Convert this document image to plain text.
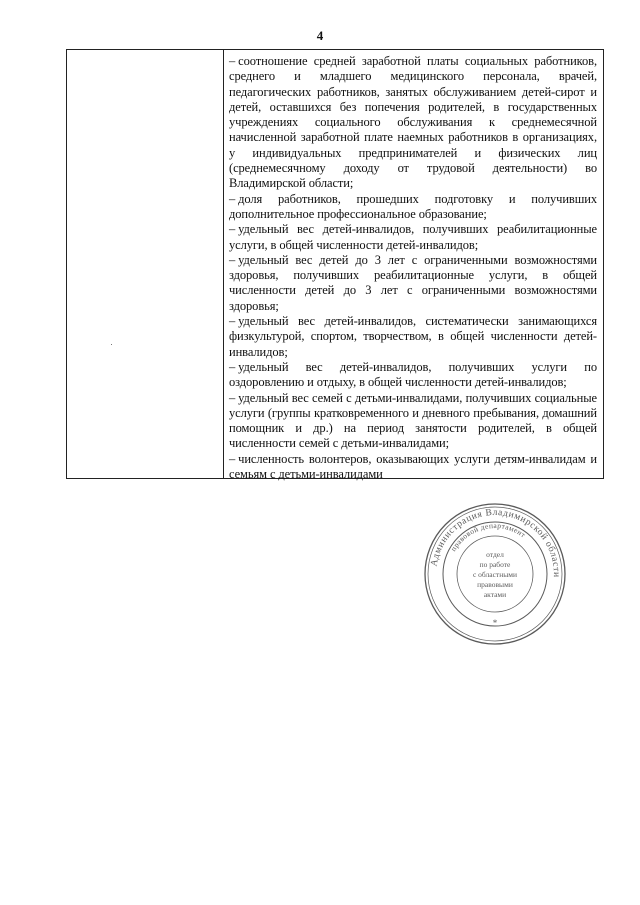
4

– соотношение средней заработной платы социальных работников, среднего и младшего медицинского персонала, врачей, педагогических работников, занятых обслуживанием детей-сирот и детей, оставшихся без попечения родителей, в государственных учреждениях социального обслуживания к среднемесячной начисленной заработной плате наемных работников в организациях, у индивидуальных предпринимателей и физических лиц (среднемесячному доходу от трудовой деятельности) во Владимирской области;

– доля работников, прошедших подготовку и получивших дополнительное профессиональное образование;

– удельный вес детей-инвалидов, получивших реабилитационные услуги, в общей численности детей-инвалидов;

– удельный вес детей до 3 лет с ограниченными возможностями здоровья, получивших реабилитационные услуги, в общей численности детей до 3 лет с ограниченными возможностями здоровья;

– удельный вес детей-инвалидов, систематически занимающихся физкультурой, спортом, творчеством, в общей численности детей-инвалидов;

– удельный вес детей-инвалидов, получивших услуги по оздоровлению и отдыху, в общей численности детей-инвалидов;

– удельный вес семей с детьми-инвалидами, получивших социальные услуги (группы кратковременного и дневного пребывания, домашний помощник и др.) на период занятости родителей, в общей численности семей с детьми-инвалидами;

– численность волонтеров, оказывающих услуги детям-инвалидам и семьям с детьми-инвалидами

Администрация Владимирской области
правовой департамент
отдел
по работе
с областными
правовыми
актами
*
